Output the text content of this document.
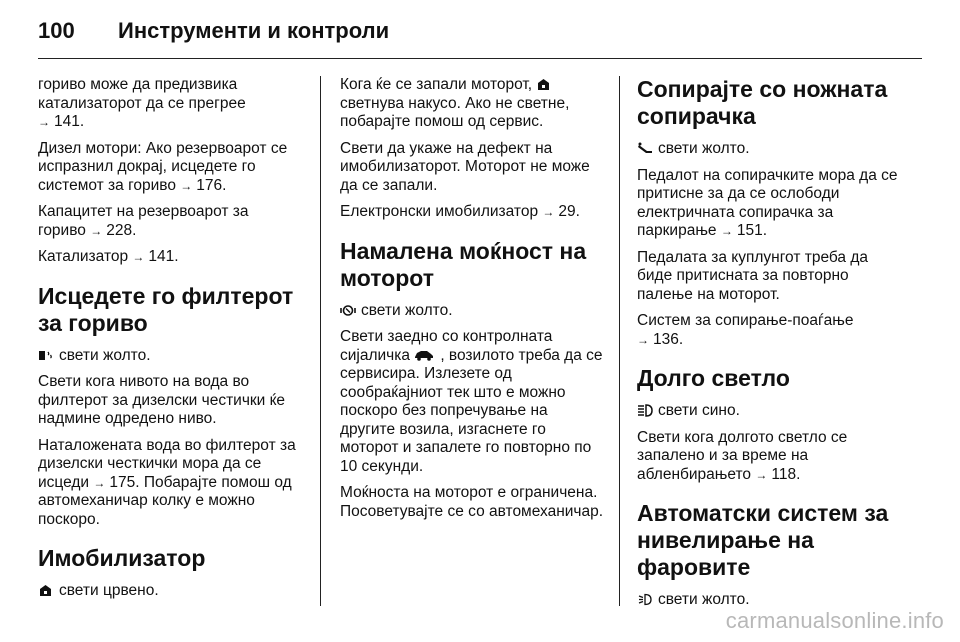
100 Инструменти и контроли

гориво може да предизвика катализаторот да се прегрее
→ 141.

Дизел мотори: Ако резервоарот се испразнил докрај, исцедете го системот за гориво → 176.

Капацитет на резервоарот за гориво → 228.

Катализатор → 141.

Исцедете го филтерот за гориво

свети жолто.

Свети кога нивото на вода во филтерот за дизелски честички ќе надмине одредено ниво.

Наталожената вода во филтерот за дизелски честкички мора да се исцеди → 175. Побарајте помош од автомеханичар колку е можно поскоро.

Имобилизатор

свети црвено.

Кога ќе се запали моторот,

светнува накусо. Ако не светне, побарајте помош од сервис.

Свети да укаже на дефект на имобилизаторот. Моторот не може да се запали.

Електронски имобилизатор → 29.

Намалена моќност на моторот

свети жолто.

Свети заедно со контролната сијаличка , возилото треба да се сервисира. Излезете од сообраќајниот тек што е можно поскоро без попречување на другите возила, изгаснете го моторот и запалете го повторно по 10 секунди.

Моќноста на моторот е ограничена. Посоветувајте се со автомеханичар.

Сопирајте со ножната сопирачка

свети жолто.

Педалот на сопирачките мора да се притисне за да се ослободи електричната сопирачка за паркирање → 151.

Педалата за куплунгот треба да биде притисната за повторно палење на моторот.

Систем за сопирање-поаѓање
→ 136.

Долго светло

свети сино.

Свети кога долгото светло се запалено и за време на абленбирањето → 118.

Автоматски систем за нивелирање на фаровите

свети жолто.

carmanualsonline.info
